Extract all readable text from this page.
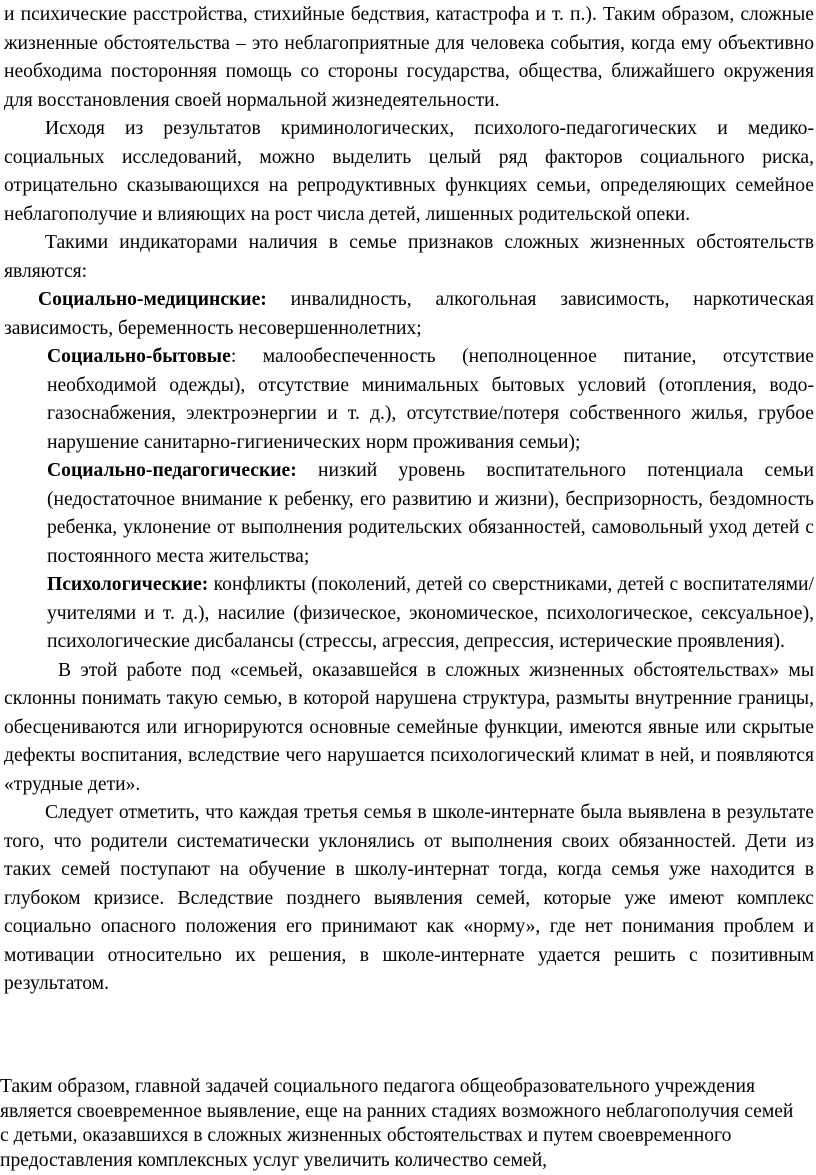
и психические расстройства, стихийные бедствия, катастрофа и т. п.). Таким образом, сложные жизненные обстоятельства – это неблагоприятные для человека события, когда ему объективно необходима посторонняя помощь со стороны государства, общества, ближайшего окружения для восстановления своей нормальной жизнедеятельности.

Исходя из результатов криминологических, психолого-педагогических и медико-социальных исследований, можно выделить целый ряд факторов социального риска, отрицательно сказывающихся на репродуктивных функциях семьи, определяющих семейное неблагополучие и влияющих на рост числа детей, лишенных родительской опеки.

Такими индикаторами наличия в семье признаков сложных жизненных обстоятельств являются:

Социально-медицинские: инвалидность, алкогольная зависимость, наркотическая зависимость, беременность несовершеннолетних;

Социально-бытовые: малообеспеченность (неполноценное питание, отсутствие необходимой одежды), отсутствие минимальных бытовых условий (отопления, водо-газоснабжения, электроэнергии и т. д.), отсутствие/потеря собственного жилья, грубое нарушение санитарно-гигиенических норм проживания семьи);

Социально-педагогические: низкий уровень воспитательного потенциала семьи (недостаточное внимание к ребенку, его развитию и жизни), беспризорность, бездомность ребенка, уклонение от выполнения родительских обязанностей, самовольный уход детей с постоянного места жительства;

Психологические: конфликты (поколений, детей со сверстниками, детей с воспитателями/учителями и т. д.), насилие (физическое, экономическое, психологическое, сексуальное), психологические дисбалансы (стрессы, агрессия, депрессия, истерические проявления).

В этой работе под «семьей, оказавшейся в сложных жизненных обстоятельствах» мы склонны понимать такую семью, в которой нарушена структура, размыты внутренние границы, обесцениваются или игнорируются основные семейные функции, имеются явные или скрытые дефекты воспитания, вследствие чего нарушается психологический климат в ней, и появляются «трудные дети».

Следует отметить, что каждая третья семья в школе-интернате была выявлена в результате того, что родители систематически уклонялись от выполнения своих обязанностей. Дети из таких семей поступают на обучение в школу-интернат тогда, когда семья уже находится в глубоком кризисе. Вследствие позднего выявления семей, которые уже имеют комплекс социально опасного положения его принимают как «норму», где нет понимания проблем и мотивации относительно их решения, в школе-интернате удается решить с позитивным результатом.

Таким образом, главной задачей социального педагога общеобразовательного учреждения является своевременное выявление, еще на ранних стадиях возможного неблагополучия семей с детьми, оказавшихся в сложных жизненных обстоятельствах и путем своевременного предоставления комплексных услуг увеличить количество семей,
